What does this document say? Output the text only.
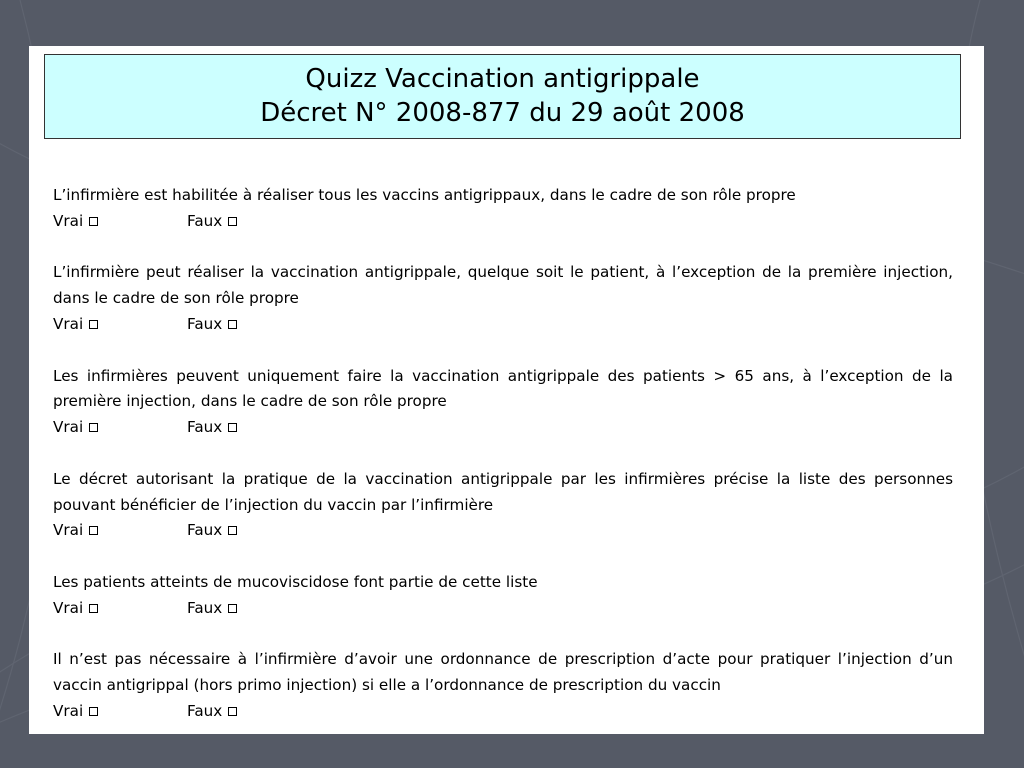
Quizz Vaccination antigrippale
Décret N° 2008-877 du 29 août 2008
L’infirmière est habilitée à réaliser tous les vaccins antigrippaux, dans le cadre de son rôle propre
Vrai	Faux
L’infirmière peut réaliser la vaccination antigrippale, quelque soit le patient, à l’exception de la première injection, dans le cadre de son rôle propre
Vrai	Faux
Les infirmières peuvent uniquement faire la vaccination antigrippale des patients > 65 ans, à l’exception de la première injection, dans le cadre de son rôle propre
Vrai	Faux
Le décret autorisant la pratique de la vaccination antigrippale par les infirmières précise la liste des personnes pouvant bénéficier de l’injection du vaccin par l’infirmière
Vrai	Faux
Les patients atteints de mucoviscidose font partie de cette liste
Vrai	Faux
Il n’est pas nécessaire à l’infirmière d’avoir une ordonnance de prescription d’acte pour pratiquer l’injection d’un vaccin antigrippal (hors primo injection) si elle a l’ordonnance de prescription du vaccin
Vrai	Faux
